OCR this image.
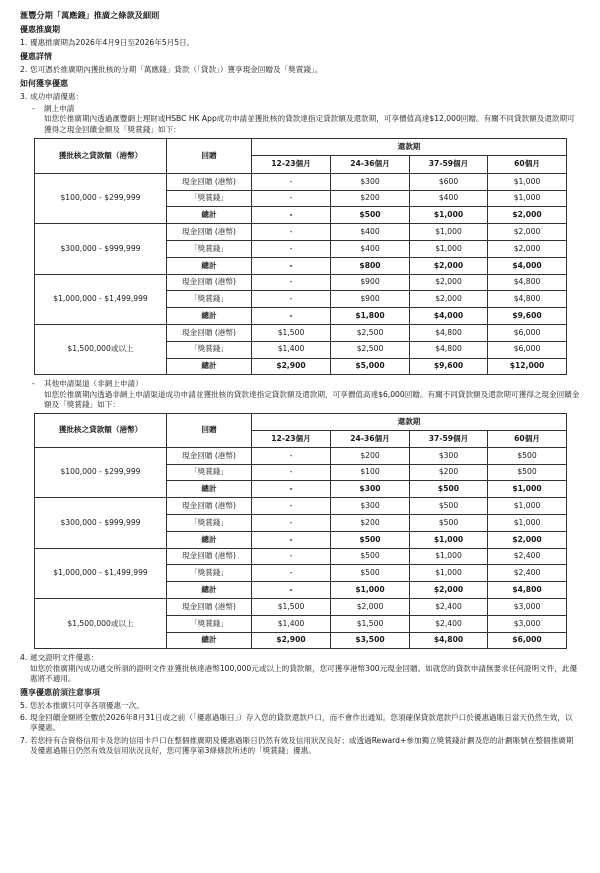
滙豐分期「萬應錢」推廣之條款及細則
優惠推廣期
1. 優惠推廣期為2026年4月9日至2026年5月5日。
優惠詳情
2. 您可憑於推廣期內獲批核的分期「萬應錢」貸款（「貸款」）獲享現金回贈及「獎賞錢」。
如何獲享優惠
3. 成功申請優惠：
-	網上申請
如您於推廣期內透過滙豐網上理財或HSBC HK App成功申請並獲批核的貸款達指定貸款額及還款期，可享價值高達$12,000回贈。有關不同貸款額及還款期可獲得之現金回饋金額及「獎賞錢」如下：
獲批核之貸款額（港幣）	回贈	還款期			
		12-23個月	24-36個月	37-59個月	60個月
$100,000 - $299,999	現金回贈 (港幣)	-	$300	$600	$1,000
	「獎賞錢」	-	$200	$400	$1,000
	總計	-	$500	$1,000	$2,000
$300,000 - $999,999	現金回贈 (港幣)	-	$400	$1,000	$2,000
	「獎賞錢」	-	$400	$1,000	$2,000
	總計	-	$800	$2,000	$4,000
$1,000,000 - $1,499,999	現金回贈 (港幣)	-	$900	$2,000	$4,800
	「獎賞錢」	-	$900	$2,000	$4,800
	總計	-	$1,800	$4,000	$9,600
$1,500,000或以上	現金回贈 (港幣)	$1,500	$2,500	$4,800	$6,000
	「獎賞錢」	$1,400	$2,500	$4,800	$6,000
	總計	$2,900	$5,000	$9,600	$12,000
-	其他申請渠道（非網上申請）
如您於推廣期內透過非網上申請渠道成功申請並獲批核的貸款達指定貸款額及還款期，可享價值高達$6,000回贈。有關不同貸款額及還款期可獲得之現金回饋金額及「獎賞錢」如下：
獲批核之貸款額（港幣）	回贈	還款期			
		12-23個月	24-36個月	37-59個月	60個月
$100,000 - $299,999	現金回贈 (港幣)	-	$200	$300	$500
	「獎賞錢」	-	$100	$200	$500
	總計	-	$300	$500	$1,000
$300,000 - $999,999	現金回贈 (港幣)	-	$300	$500	$1,000
	「獎賞錢」	-	$200	$500	$1,000
	總計	-	$500	$1,000	$2,000
$1,000,000 - $1,499,999	現金回贈 (港幣)	-	$500	$1,000	$2,400
	「獎賞錢」	-	$500	$1,000	$2,400
	總計	-	$1,000	$2,000	$4,800
$1,500,000或以上	現金回贈 (港幣)	$1,500	$2,000	$2,400	$3,000
	「獎賞錢」	$1,400	$1,500	$2,400	$3,000
	總計	$2,900	$3,500	$4,800	$6,000
4. 遞交證明文件優惠：
如您於推廣期內成功遞交所須的證明文件並獲批核達港幣100,000元或以上的貸款額，您可獲享港幣300元現金回贈。如就您的貸款申請無要求任何證明文件，此優惠將不適用。
獲享優惠前須注意事項
5. 您於本推廣只可享各項優惠一次。
6. 現金回饋金額將全數於2026年8月31日或之前（「優惠過賬日」）存入您的貸款還款戶口，而不會作出通知。您須確保貸款還款戶口於優惠過賬日當天仍然生效，以享優惠。
7. 若您持有合資格信用卡及您的信用卡戶口在整個推廣期及優惠過賬日仍然有效及信用狀況良好；或透過Reward+參加獨立獎賞錢計劃及您的計劃賬號在整個推廣期及優惠過賬日仍然有效及信用狀況良好，您可獲享第3條條款所述的「獎賞錢」優惠。
